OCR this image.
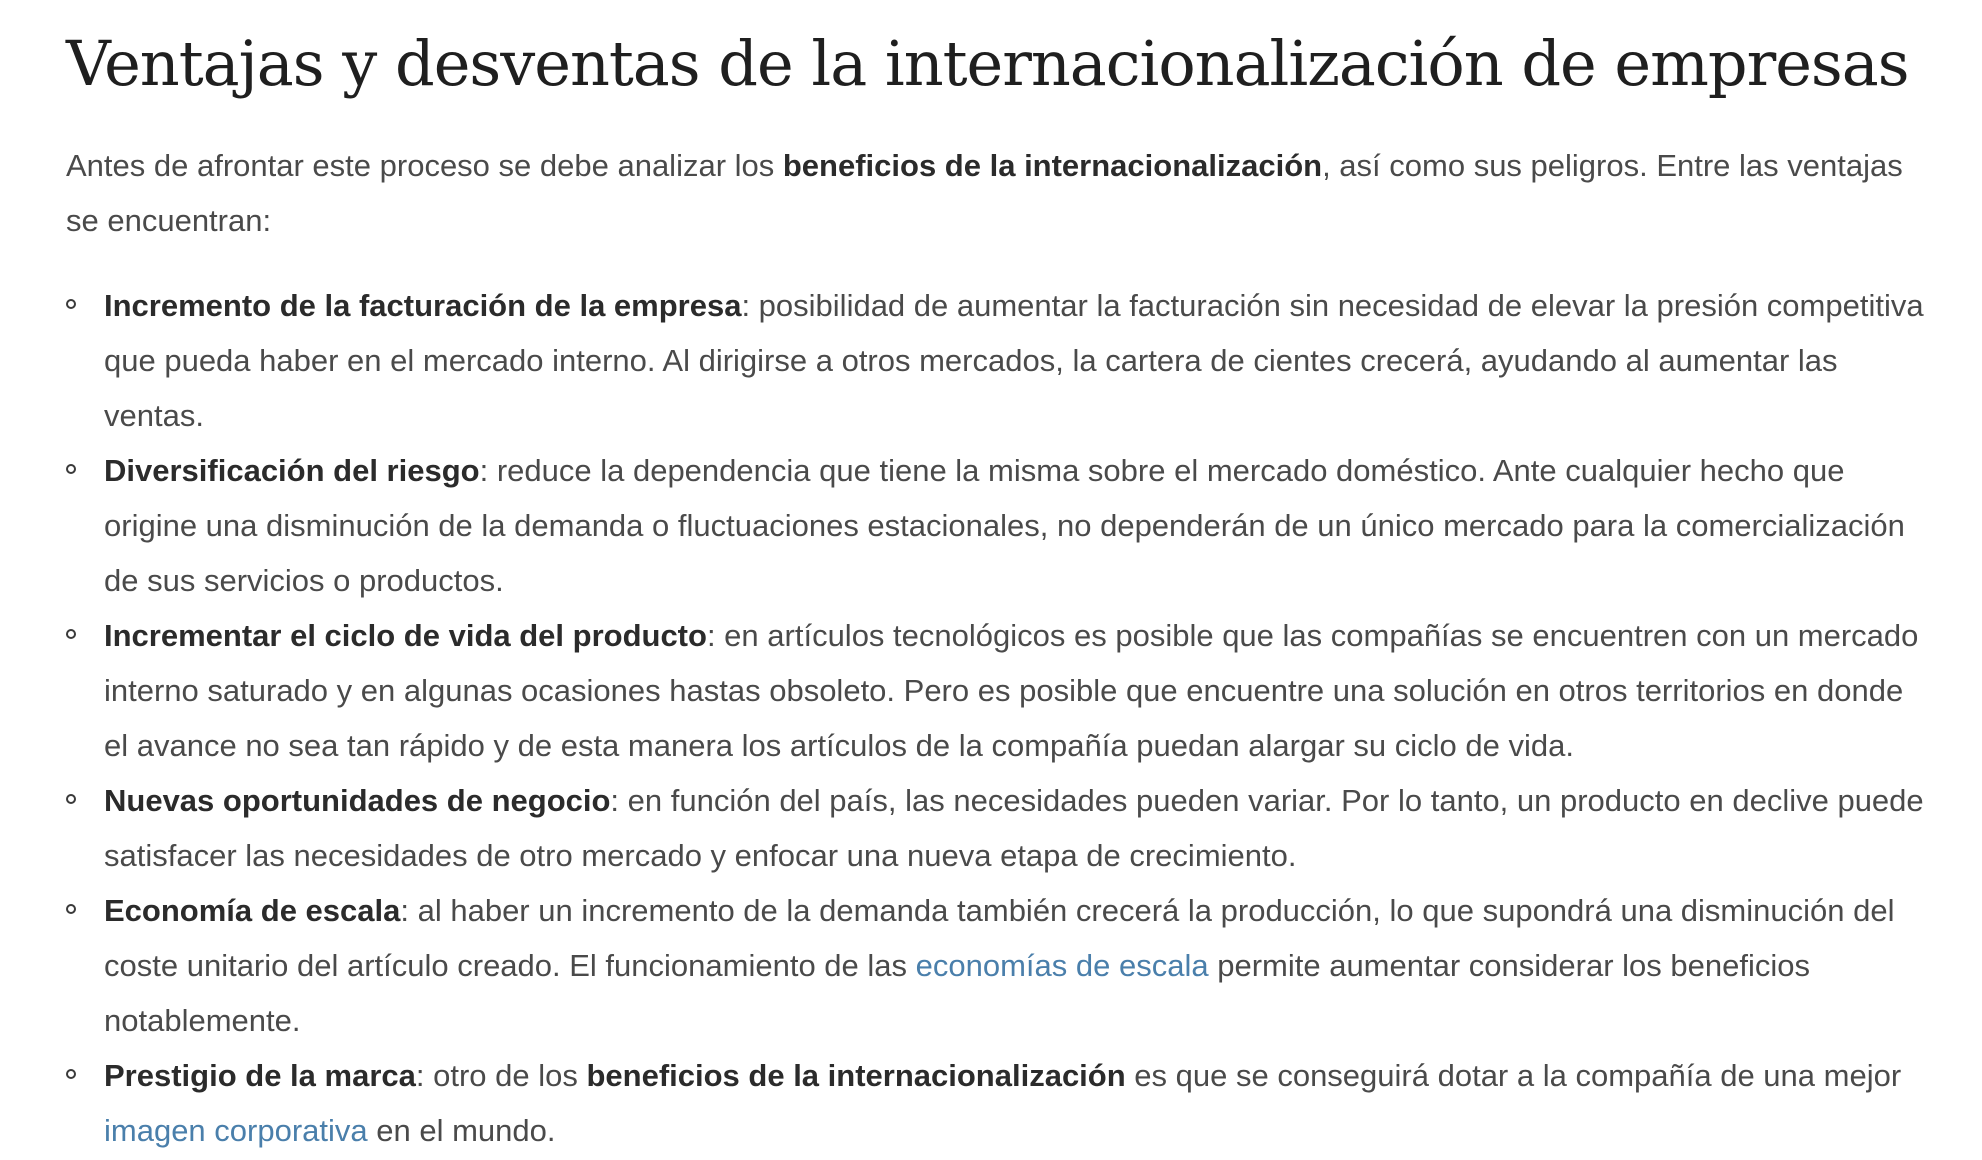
Ventajas y desventas de la internacionalización de empresas

Antes de afrontar este proceso se debe analizar los beneficios de la internacionalización, así como sus peligros. Entre las ventajas se encuentran:

Incremento de la facturación de la empresa: posibilidad de aumentar la facturación sin necesidad de elevar la presión competitiva que pueda haber en el mercado interno. Al dirigirse a otros mercados, la cartera de cientes crecerá, ayudando al aumentar las ventas.
Diversificación del riesgo: reduce la dependencia que tiene la misma sobre el mercado doméstico. Ante cualquier hecho que origine una disminución de la demanda o fluctuaciones estacionales, no dependerán de un único mercado para la comercialización de sus servicios o productos.
Incrementar el ciclo de vida del producto: en artículos tecnológicos es posible que las compañías se encuentren con un mercado interno saturado y en algunas ocasiones hastas obsoleto. Pero es posible que encuentre una solución en otros territorios en donde el avance no sea tan rápido y de esta manera los artículos de la compañía puedan alargar su ciclo de vida.
Nuevas oportunidades de negocio: en función del país, las necesidades pueden variar. Por lo tanto, un producto en declive puede satisfacer las necesidades de otro mercado y enfocar una nueva etapa de crecimiento.
Economía de escala: al haber un incremento de la demanda también crecerá la producción, lo que supondrá una disminución del coste unitario del artículo creado. El funcionamiento de las economías de escala permite aumentar considerar los beneficios notablemente.
Prestigio de la marca: otro de los beneficios de la internacionalización es que se conseguirá dotar a la compañía de una mejor imagen corporativa en el mundo.
